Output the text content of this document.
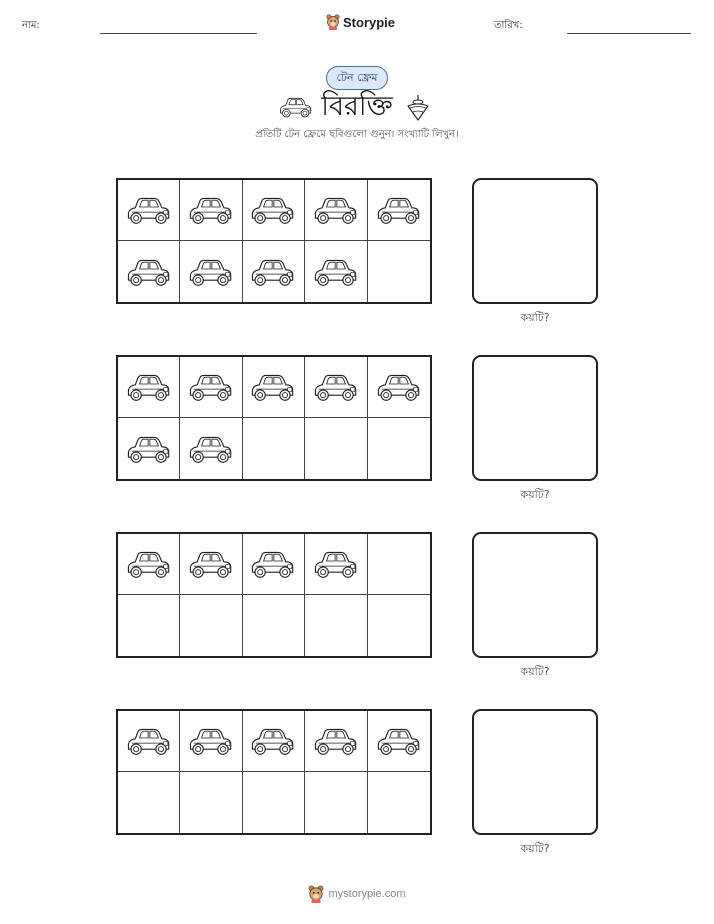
নাম:	Storypie	তারিখ:
টেন ফ্রেম
বিরক্তি
প্রতিটি টেন ফ্রেমে ছবিগুলো গুনুন। সংখ্যাটি লিখুন।
কয়টি?
কয়টি?
কয়টি?
কয়টি?
mystorypie.com
